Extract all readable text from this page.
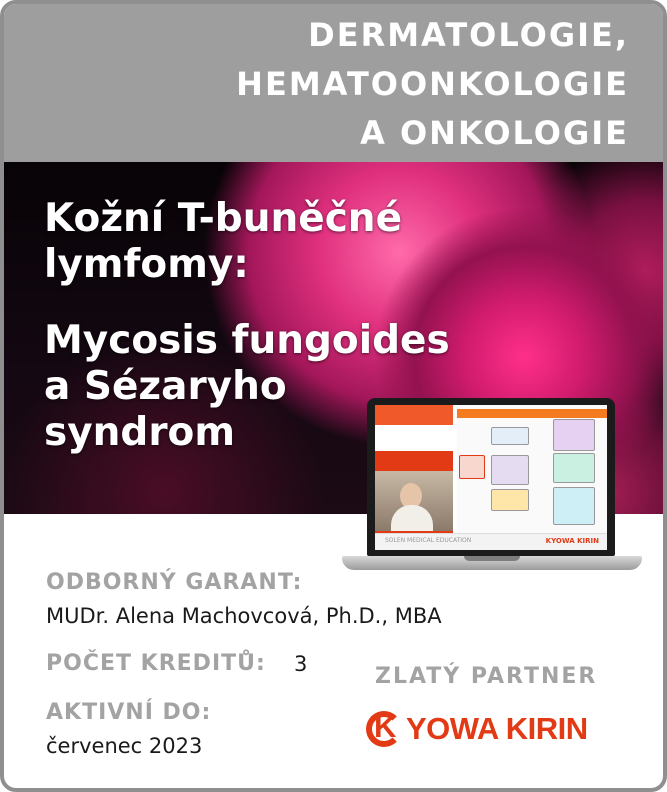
DERMATOLOGIE,
HEMATOONKOLOGIE
A ONKOLOGIE
Kožní T-buněčné
lymfomy:
Mycosis fungoides
a Sézaryho
syndrom
SOLEN MEDICAL EDUCATION	KYOWA KIRIN
ODBORNÝ GARANT:
MUDr. Alena Machovcová, Ph.D., MBA
POČET KREDITŮ: 3
AKTIVNÍ DO:
červenec 2023
ZLATÝ PARTNER
K YOWA KIRIN
